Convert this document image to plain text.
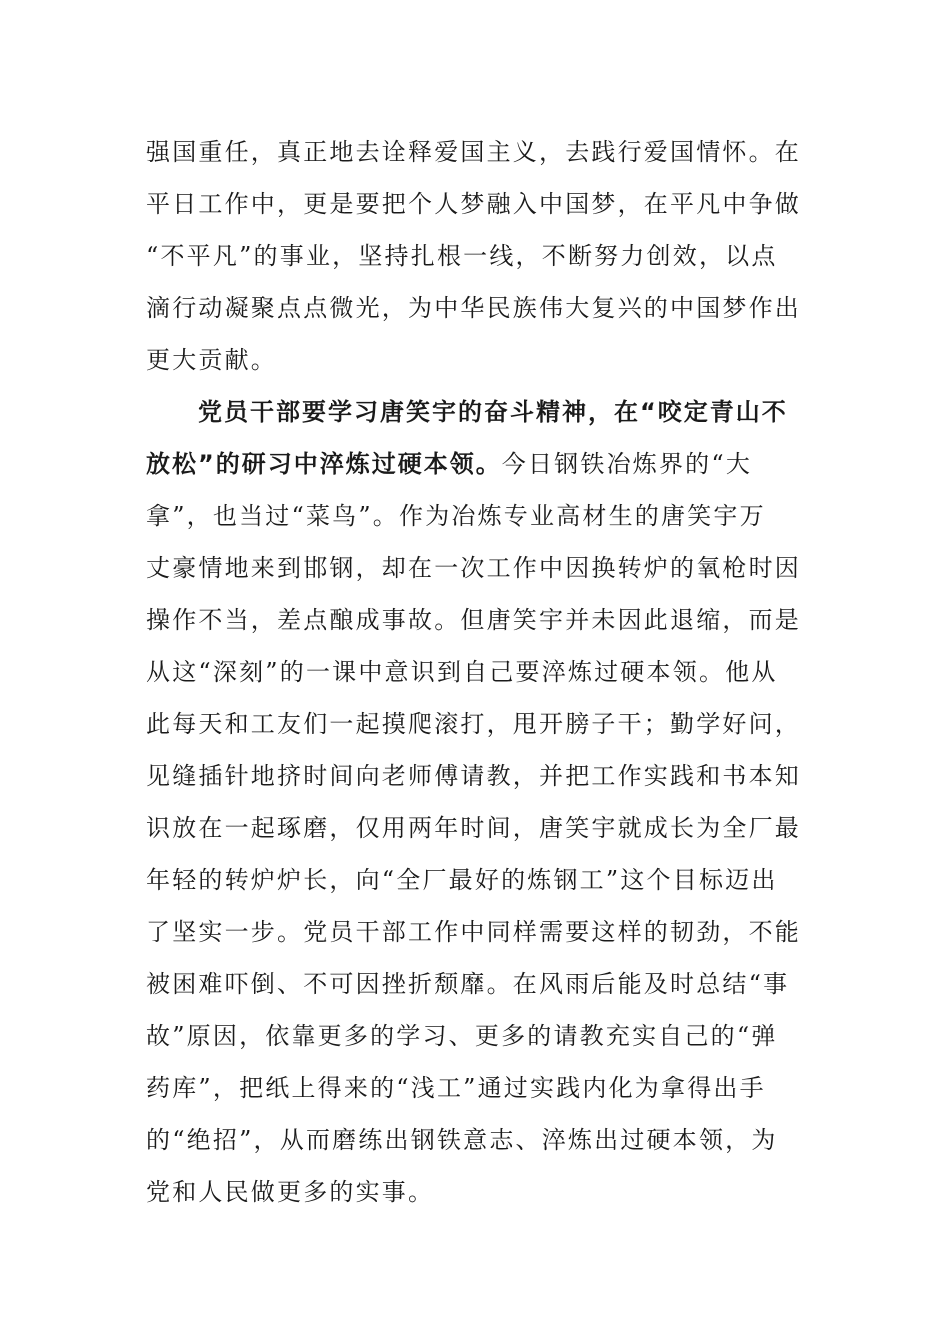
强国重任，真正地去诠释爱国主义，去践行爱国情怀。在
平日工作中，更是要把个人梦融入中国梦，在平凡中争做
“不平凡”的事业，坚持扎根一线，不断努力创效，以点
滴行动凝聚点点微光，为中华民族伟大复兴的中国梦作出
更大贡献。
党员干部要学习唐笑宇的奋斗精神，在“咬定青山不
放松”的研习中淬炼过硬本领。今日钢铁冶炼界的“大
拿”，也当过“菜鸟”。作为冶炼专业高材生的唐笑宇万
丈豪情地来到邯钢，却在一次工作中因换转炉的氧枪时因
操作不当，差点酿成事故。但唐笑宇并未因此退缩，而是
从这“深刻”的一课中意识到自己要淬炼过硬本领。他从
此每天和工友们一起摸爬滚打，甩开膀子干；勤学好问，
见缝插针地挤时间向老师傅请教，并把工作实践和书本知
识放在一起琢磨，仅用两年时间，唐笑宇就成长为全厂最
年轻的转炉炉长，向“全厂最好的炼钢工”这个目标迈出
了坚实一步。党员干部工作中同样需要这样的韧劲，不能
被困难吓倒、不可因挫折颓靡。在风雨后能及时总结“事
故”原因，依靠更多的学习、更多的请教充实自己的“弹
药库”，把纸上得来的“浅工”通过实践内化为拿得出手
的“绝招”，从而磨练出钢铁意志、淬炼出过硬本领，为
党和人民做更多的实事。
